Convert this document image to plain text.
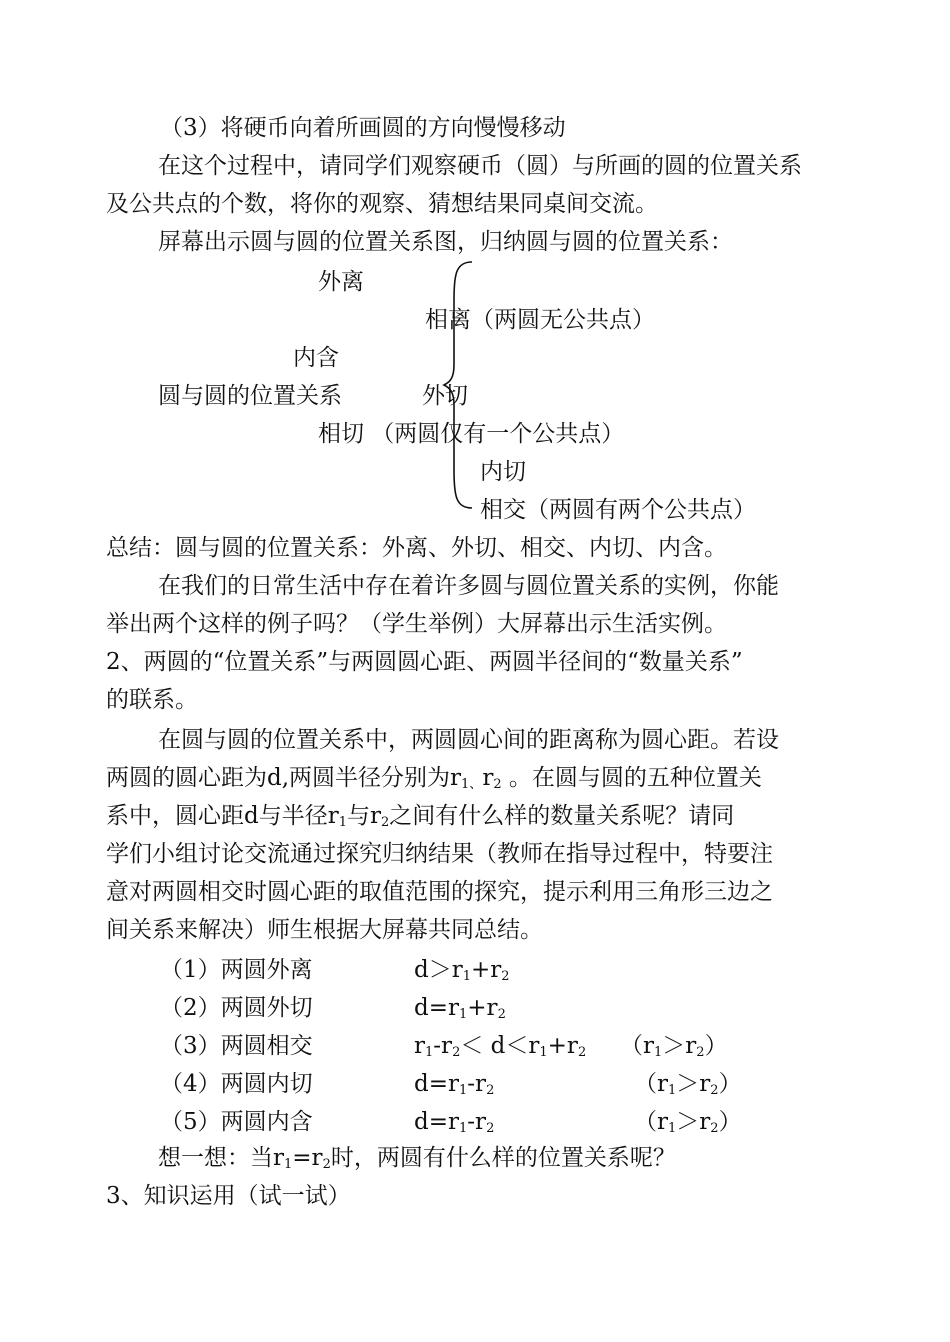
（3）将硬币向着所画圆的方向慢慢移动
在这个过程中，请同学们观察硬币（圆）与所画的圆的位置关系
及公共点的个数，将你的观察、猜想结果同桌间交流。
屏幕出示圆与圆的位置关系图，归纳圆与圆的位置关系：
外离
相离（两圆无公共点）
内含
圆与圆的位置关系	外切
相切 （两圆仅有一个公共点）
内切
相交（两圆有两个公共点）
总结：圆与圆的位置关系：外离、外切、相交、内切、内含。
在我们的日常生活中存在着许多圆与圆位置关系的实例，你能
举出两个这样的例子吗？（学生举例）大屏幕出示生活实例。
2、两圆的“位置关系”与两圆圆心距、两圆半径间的“数量关系”
的联系。
在圆与圆的位置关系中，两圆圆心间的距离称为圆心距。若设
两圆的圆心距为d,两圆半径分别为$r_{1、}r_2$ 。在圆与圆的五种位置关
系中，圆心距d与半径$r_1$与$r_2$之间有什么样的数量关系呢？请同
学们小组讨论交流通过探究归纳结果（教师在指导过程中，特要注
意对两圆相交时圆心距的取值范围的探究，提示利用三角形三边之
间关系来解决）师生根据大屏幕共同总结。
（1）两圆外离	$d>r_1+r_2$
（2）两圆外切	$d=r_1+r_2$
（3）两圆相交	$r_1-r_2< d<r_1+r_2$ $(r_1>r_2)$
（4）两圆内切	$d=r_1-r_2$	$(r_1>r_2)$
（5）两圆内含	$d=r_1-r_2$	$(r_1>r_2)$
想一想：当$r_1=r_2$时，两圆有什么样的位置关系呢？
3、知识运用（试一试）
